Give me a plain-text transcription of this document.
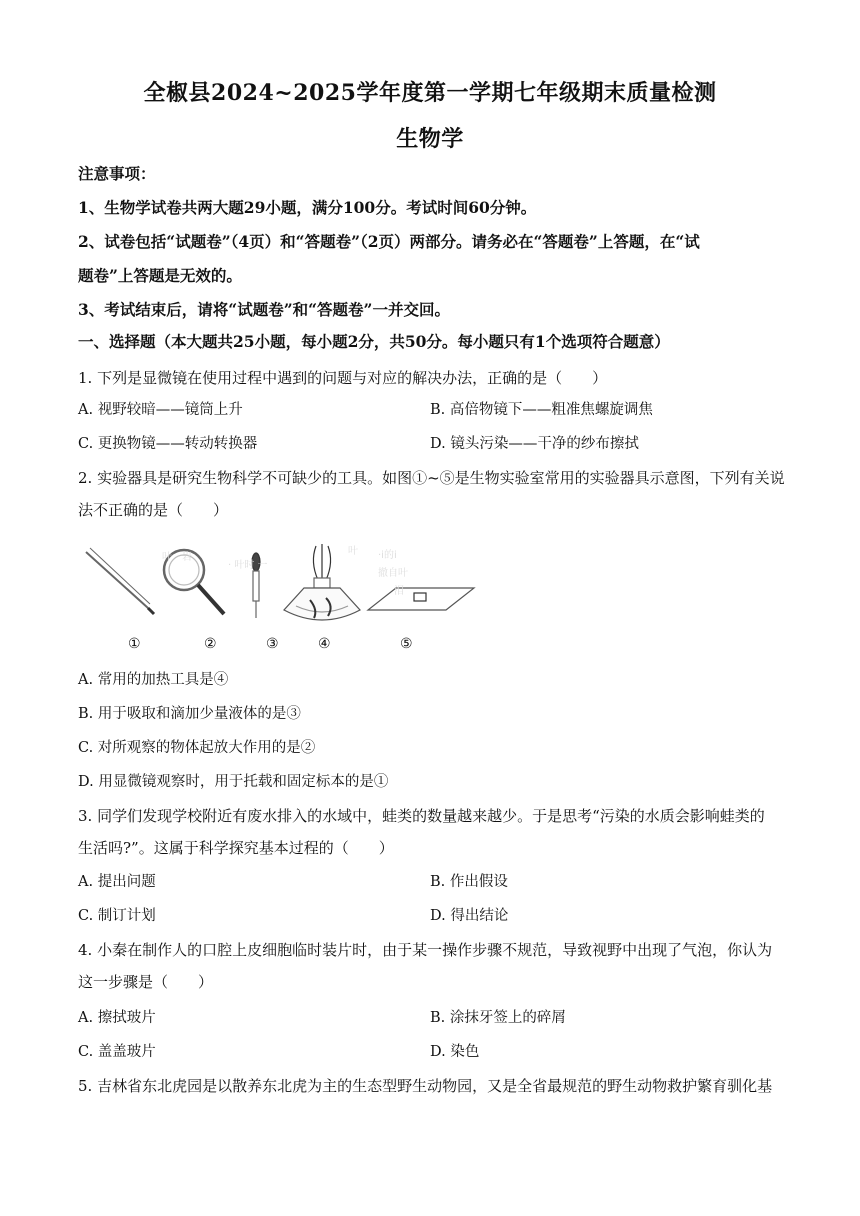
全椒县2024~2025学年度第一学期七年级期末质量检测
生物学
注意事项：
1、生物学试卷共两大题29小题，满分100分。考试时间60分钟。
2、试卷包括“试题卷”（4页）和“答题卷”（2页）两部分。请务必在“答题卷”上答题，在“试
题卷”上答题是无效的。
3、考试结束后，请将“试题卷”和“答题卷”一并交回。
一、选择题（本大题共25小题，每小题2分，共50分。每小题只有1个选项符合题意）
1. 下列是显微镜在使用过程中遇到的问题与对应的解决办法，正确的是（　　）
A. 视野较暗——镜筒上升	B. 高倍物镜下——粗准焦螺旋调焦
C. 更换物镜——转动转换器	D. 镜头污染——干净的纱布擦拭
2. 实验器具是研究生物科学不可缺少的工具。如图①~⑤是生物实验室常用的实验器具示意图，下列有关说
法不正确的是（　　）
叶　岩
· 叶时 一
叶 ·i的i
撤自叶
泪
①	②	③	④	⑤
A. 常用的加热工具是④
B. 用于吸取和滴加少量液体的是③
C. 对所观察的物体起放大作用的是②
D. 用显微镜观察时，用于托载和固定标本的是①
3. 同学们发现学校附近有废水排入的水域中，蛙类的数量越来越少。于是思考“污染的水质会影响蛙类的
生活吗?”。这属于科学探究基本过程的（　　）
A. 提出问题	B. 作出假设
C. 制订计划	D. 得出结论
4. 小秦在制作人的口腔上皮细胞临时装片时，由于某一操作步骤不规范，导致视野中出现了气泡，你认为
这一步骤是（　　）
A. 擦拭玻片	B. 涂抹牙签上的碎屑
C. 盖盖玻片	D. 染色
5. 吉林省东北虎园是以散养东北虎为主的生态型野生动物园，又是全省最规范的野生动物救护繁育驯化基
